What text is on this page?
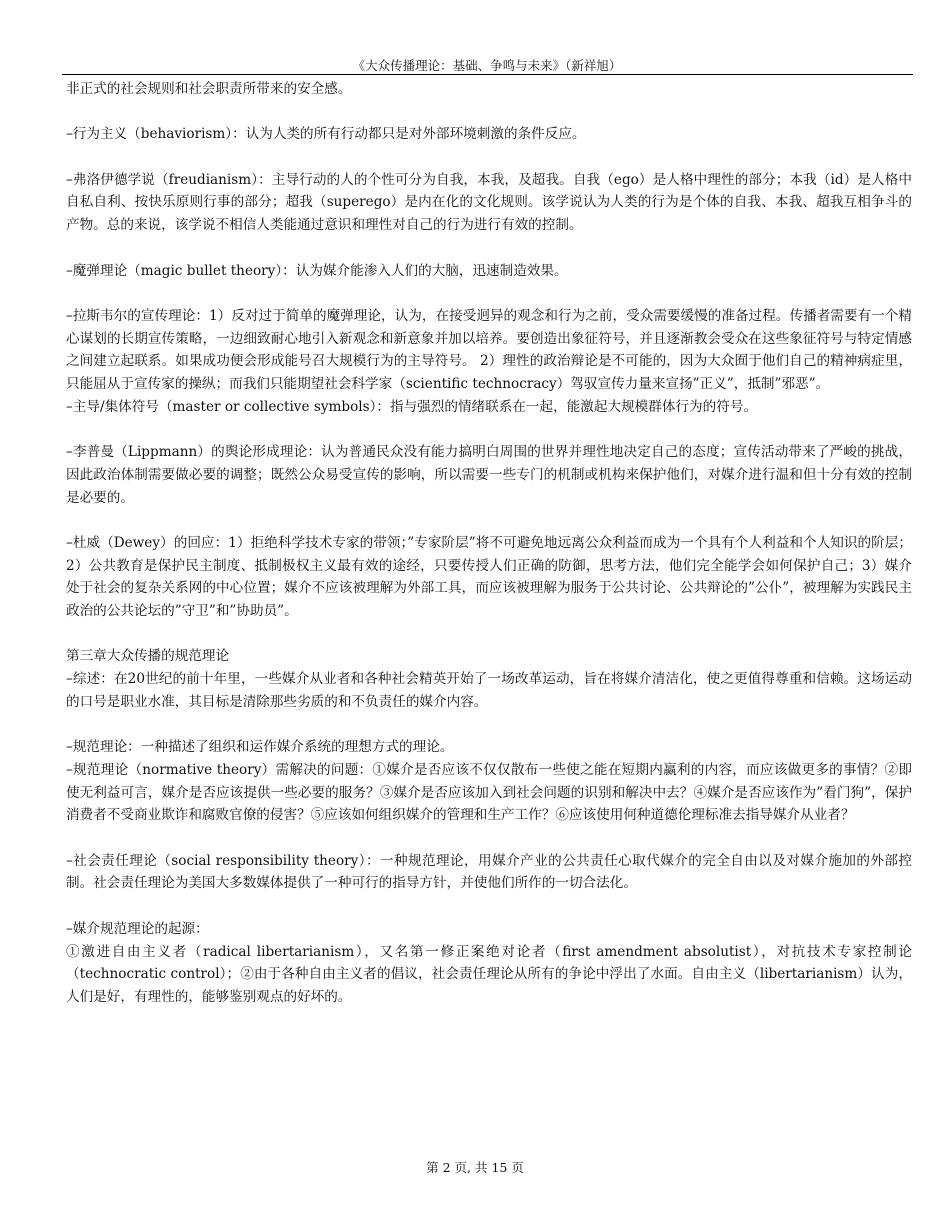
《大众传播理论：基础、争鸣与未来》（新祥旭）

非正式的社会规则和社会职责所带来的安全感。

–行为主义（behaviorism）：认为人类的所有行动都只是对外部环境刺激的条件反应。

–弗洛伊德学说（freudianism）：主导行动的人的个性可分为自我，本我，及超我。自我（ego）是人格中理性的部分；本我（id）是人格中自私自利、按快乐原则行事的部分；超我（superego）是内在化的文化规则。该学说认为人类的行为是个体的自我、本我、超我互相争斗的产物。总的来说，该学说不相信人类能通过意识和理性对自己的行为进行有效的控制。

–魔弹理论（magic bullet theory）：认为媒介能渗入人们的大脑，迅速制造效果。

–拉斯韦尔的宣传理论：1）反对过于简单的魔弹理论，认为，在接受迥异的观念和行为之前，受众需要缓慢的准备过程。传播者需要有一个精心谋划的长期宣传策略，一边细致耐心地引入新观念和新意象并加以培养。要创造出象征符号，并且逐渐教会受众在这些象征符号与特定情感之间建立起联系。如果成功便会形成能号召大规模行为的主导符号。 2）理性的政治辩论是不可能的，因为大众囿于他们自己的精神病症里，只能屈从于宣传家的操纵；而我们只能期望社会科学家（scientific technocracy）驾驭宣传力量来宣扬”正义”，抵制”邪恶”。

–主导/集体符号（master or collective symbols）：指与强烈的情绪联系在一起，能激起大规模群体行为的符号。

–李普曼（Lippmann）的舆论形成理论：认为普通民众没有能力搞明白周围的世界并理性地决定自己的态度；宣传活动带来了严峻的挑战，因此政治体制需要做必要的调整；既然公众易受宣传的影响，所以需要一些专门的机制或机构来保护他们，对媒介进行温和但十分有效的控制是必要的。

–杜威（Dewey）的回应：1）拒绝科学技术专家的带领；”专家阶层”将不可避免地远离公众利益而成为一个具有个人利益和个人知识的阶层；2）公共教育是保护民主制度、抵制极权主义最有效的途经，只要传授人们正确的防御，思考方法，他们完全能学会如何保护自己；3）媒介处于社会的复杂关系网的中心位置；媒介不应该被理解为外部工具，而应该被理解为服务于公共讨论、公共辩论的”公仆”，被理解为实践民主政治的公共论坛的”守卫”和”协助员”。

第三章大众传播的规范理论

–综述：在20世纪的前十年里，一些媒介从业者和各种社会精英开始了一场改革运动，旨在将媒介清洁化，使之更值得尊重和信赖。这场运动的口号是职业水准，其目标是清除那些劣质的和不负责任的媒介内容。

–规范理论：一种描述了组织和运作媒介系统的理想方式的理论。

–规范理论（normative theory）需解决的问题：①媒介是否应该不仅仅散布一些使之能在短期内赢利的内容，而应该做更多的事情？②即使无利益可言，媒介是否应该提供一些必要的服务？③媒介是否应该加入到社会问题的识别和解决中去？④媒介是否应该作为”看门狗”，保护消费者不受商业欺诈和腐败官僚的侵害？⑤应该如何组织媒介的管理和生产工作？⑥应该使用何种道德伦理标准去指导媒介从业者？

–社会责任理论（social responsibility theory）：一种规范理论，用媒介产业的公共责任心取代媒介的完全自由以及对媒介施加的外部控制。社会责任理论为美国大多数媒体提供了一种可行的指导方针，并使他们所作的一切合法化。

–媒介规范理论的起源：

①激进自由主义者（radical libertarianism），又名第一修正案绝对论者（first amendment absolutist），对抗技术专家控制论（technocratic control）；②由于各种自由主义者的倡议，社会责任理论从所有的争论中浮出了水面。自由主义（libertarianism）认为，人们是好，有理性的，能够鉴别观点的好坏的。

第 2 页, 共 15 页
